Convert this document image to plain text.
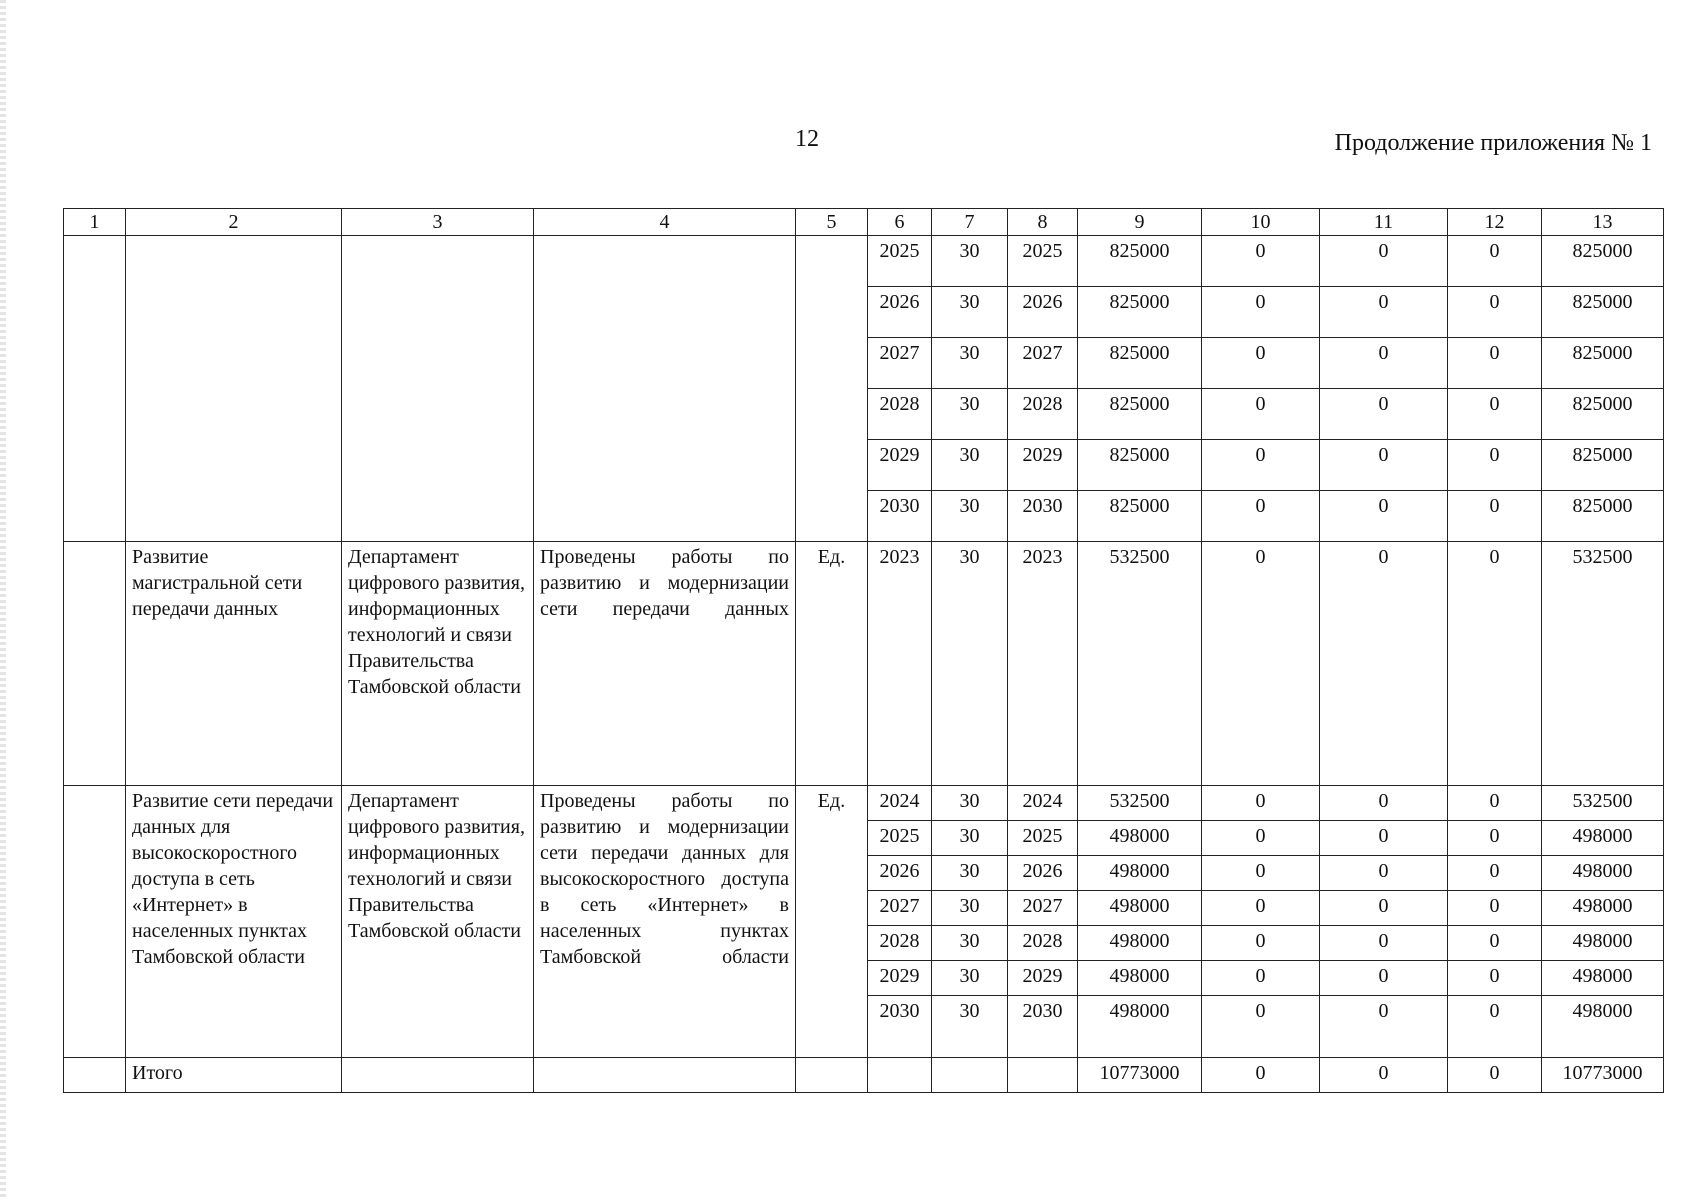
12	Продолжение приложения № 1
1	2	3	4	5	6	7	8	9	10	11	12	13
					2025	30	2025	825000	0	0	0	825000
					2026	30	2026	825000	0	0	0	825000
					2027	30	2027	825000	0	0	0	825000
					2028	30	2028	825000	0	0	0	825000
					2029	30	2029	825000	0	0	0	825000
					2030	30	2030	825000	0	0	0	825000
	Развитие магистральной сети передачи данных	Департамент цифрового развития, информационных технологий и связи Правительства Тамбовской области	Проведены работы по развитию и модернизации сети передачи данных	Ед.	2023	30	2023	532500	0	0	0	532500
	Развитие сети передачи данных для высокоскоростного доступа в сеть «Интернет» в населенных пунктах Тамбовской области	Департамент цифрового развития, информационных технологий и связи Правительства Тамбовской области	Проведены работы по развитию и модернизации сети передачи данных для высокоскоростного доступа в сеть «Интернет» в населенных пунктах Тамбовской области	Ед.	2024	30	2024	532500	0	0	0	532500
					2025	30	2025	498000	0	0	0	498000
					2026	30	2026	498000	0	0	0	498000
					2027	30	2027	498000	0	0	0	498000
					2028	30	2028	498000	0	0	0	498000
					2029	30	2029	498000	0	0	0	498000
					2030	30	2030	498000	0	0	0	498000
	Итого							10773000	0	0	0	10773000
